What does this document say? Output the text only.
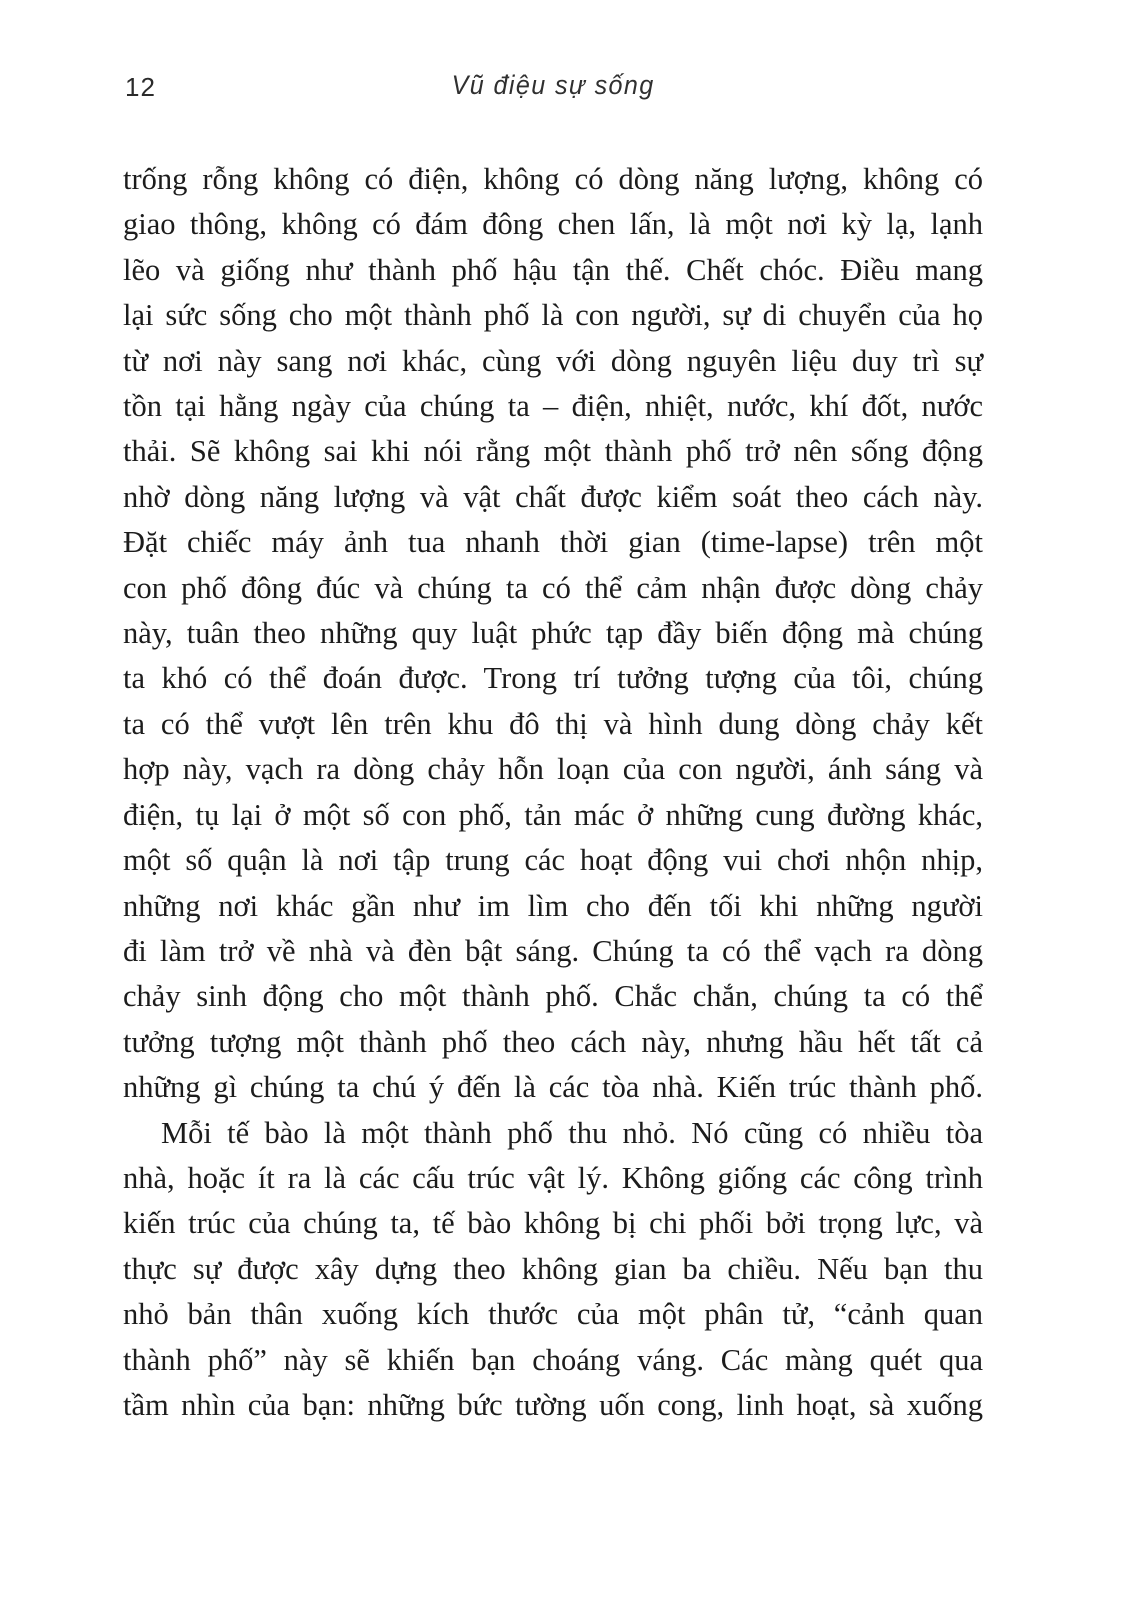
12	Vũ điệu sự sống
trống rỗng không có điện, không có dòng năng lượng, không có
giao thông, không có đám đông chen lấn, là một nơi kỳ lạ, lạnh
lẽo và giống như thành phố hậu tận thế. Chết chóc. Điều mang
lại sức sống cho một thành phố là con người, sự di chuyển của họ
từ nơi này sang nơi khác, cùng với dòng nguyên liệu duy trì sự
tồn tại hằng ngày của chúng ta – điện, nhiệt, nước, khí đốt, nước
thải. Sẽ không sai khi nói rằng một thành phố trở nên sống động
nhờ dòng năng lượng và vật chất được kiểm soát theo cách này.
Đặt chiếc máy ảnh tua nhanh thời gian (time-lapse) trên một
con phố đông đúc và chúng ta có thể cảm nhận được dòng chảy
này, tuân theo những quy luật phức tạp đầy biến động mà chúng
ta khó có thể đoán được. Trong trí tưởng tượng của tôi, chúng
ta có thể vượt lên trên khu đô thị và hình dung dòng chảy kết
hợp này, vạch ra dòng chảy hỗn loạn của con người, ánh sáng và
điện, tụ lại ở một số con phố, tản mác ở những cung đường khác,
một số quận là nơi tập trung các hoạt động vui chơi nhộn nhịp,
những nơi khác gần như im lìm cho đến tối khi những người
đi làm trở về nhà và đèn bật sáng. Chúng ta có thể vạch ra dòng
chảy sinh động cho một thành phố. Chắc chắn, chúng ta có thể
tưởng tượng một thành phố theo cách này, nhưng hầu hết tất cả
những gì chúng ta chú ý đến là các tòa nhà. Kiến trúc thành phố.
Mỗi tế bào là một thành phố thu nhỏ. Nó cũng có nhiều tòa
nhà, hoặc ít ra là các cấu trúc vật lý. Không giống các công trình
kiến trúc của chúng ta, tế bào không bị chi phối bởi trọng lực, và
thực sự được xây dựng theo không gian ba chiều. Nếu bạn thu
nhỏ bản thân xuống kích thước của một phân tử, “cảnh quan
thành phố” này sẽ khiến bạn choáng váng. Các màng quét qua
tầm nhìn của bạn: những bức tường uốn cong, linh hoạt, sà xuống
